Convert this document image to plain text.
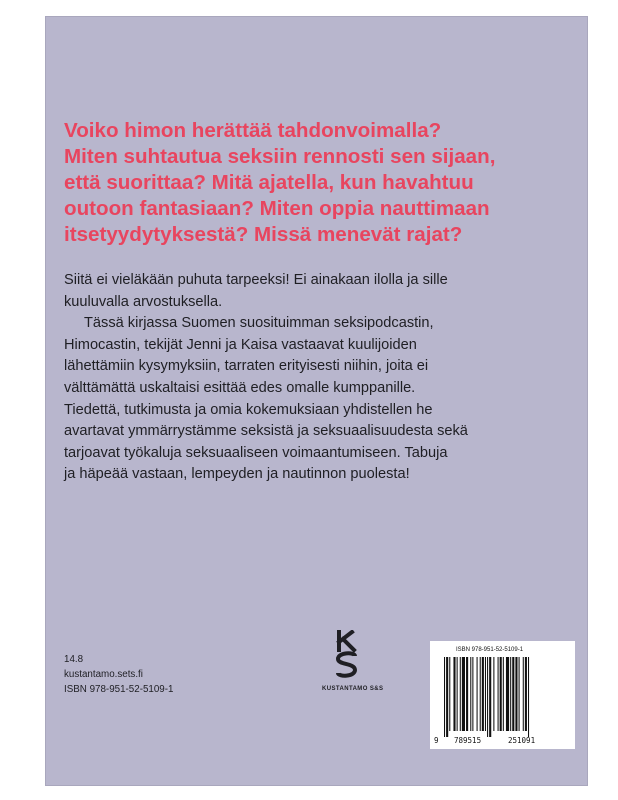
Voiko himon herättää tahdonvoimalla?
Miten suhtautua seksiin rennosti sen sijaan,
että suorittaa? Mitä ajatella, kun havahtuu
outoon fantasiaan? Miten oppia nauttimaan
itsetyydytyksestä? Missä menevät rajat?
Siitä ei vieläkään puhuta tarpeeksi! Ei ainakaan ilolla ja sille
kuuluvalla arvostuksella.
Tässä kirjassa Suomen suosituimman seksipodcastin,
Himocastin, tekijät Jenni ja Kaisa vastaavat kuulijoiden
lähettämiin kysymyksiin, tarraten erityisesti niihin, joita ei
välttämättä uskaltaisi esittää edes omalle kumppanille.
Tiedettä, tutkimusta ja omia kokemuksiaan yhdistellen he
avartavat ymmärrystämme seksistä ja seksuaalisuudesta sekä
tarjoavat työkaluja seksuaaliseen voimaantumiseen. Tabuja
ja häpeää vastaan, lempeyden ja nautinnon puolesta!
14.8
kustantamo.sets.fi
ISBN 978-951-52-5109-1	KUSTANTAMO S&S
ISBN 978-951-52-5109-1
9 789515	251091
